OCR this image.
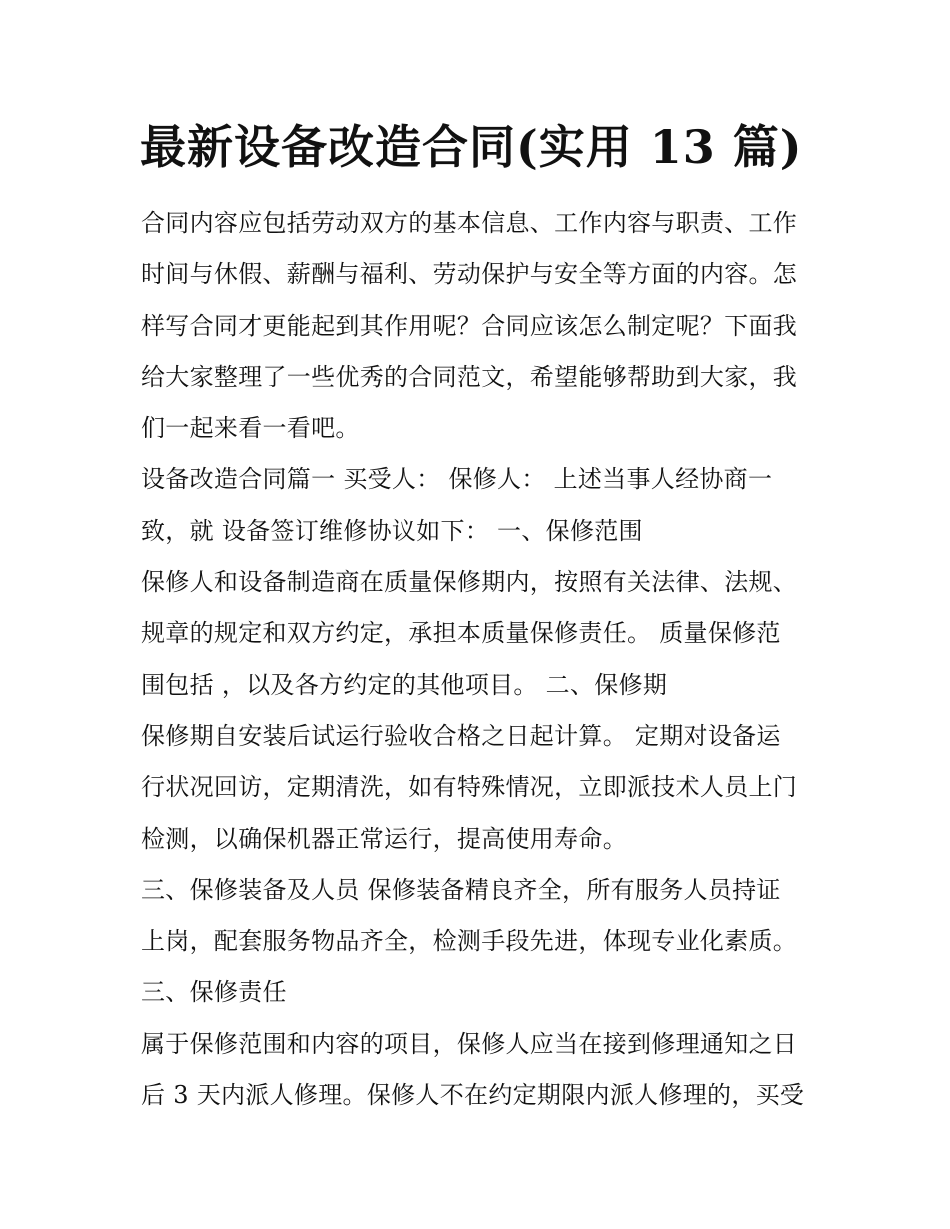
最新设备改造合同(实用 13 篇)
合同内容应包括劳动双方的基本信息、工作内容与职责、工作
时间与休假、薪酬与福利、劳动保护与安全等方面的内容。怎
样写合同才更能起到其作用呢？合同应该怎么制定呢？下面我
给大家整理了一些优秀的合同范文，希望能够帮助到大家，我
们一起来看一看吧。
设备改造合同篇一 买受人： 保修人： 上述当事人经协商一
致，就 设备签订维修协议如下： 一、保修范围
保修人和设备制造商在质量保修期内，按照有关法律、法规、
规章的规定和双方约定，承担本质量保修责任。 质量保修范
围包括 ，以及各方约定的其他项目。 二、保修期
保修期自安装后试运行验收合格之日起计算。 定期对设备运
行状况回访，定期清洗，如有特殊情况，立即派技术人员上门
检测，以确保机器正常运行，提高使用寿命。
三、保修装备及人员 保修装备精良齐全，所有服务人员持证
上岗，配套服务物品齐全，检测手段先进，体现专业化素质。
三、保修责任
属于保修范围和内容的项目，保修人应当在接到修理通知之日
后 3 天内派人修理。保修人不在约定期限内派人修理的，买受
